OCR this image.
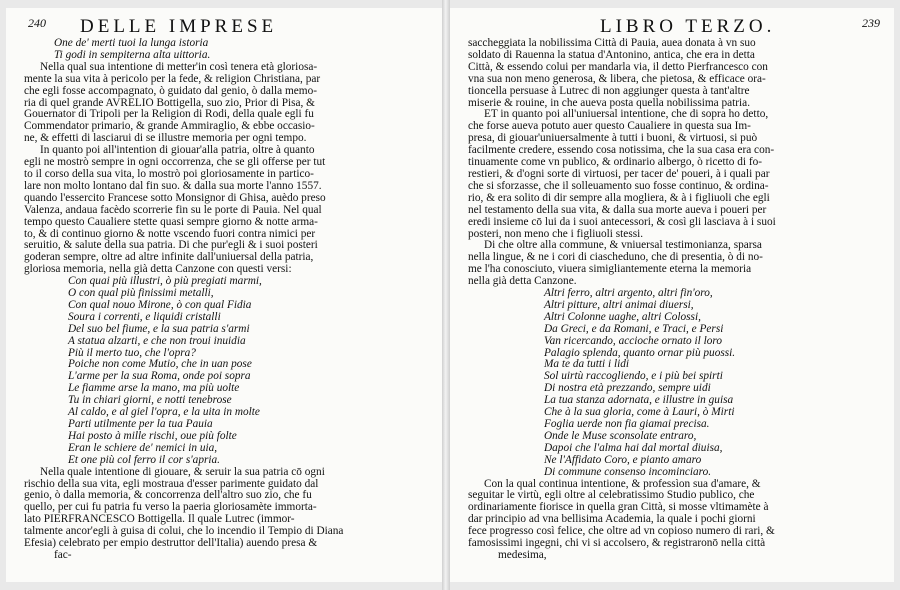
240 DELLE IMPRESE
One de' merti tuoi la lunga istoria
Ti godi in sempiterna alta uittoria.
Nella qual sua intentione di metter'in così tenera età gloriosa-
mente la sua vita à pericolo per la fede, & religion Christiana, par
che egli fosse accompagnato, ò guidato dal genio, ò dalla memo-
ria di quel grande AVRELIO Bottigella, suo zio, Prior di Pisa, &
Gouernator di Tripoli per la Religion di Rodi, della quale egli fu
Commendator primario, & grande Ammiraglio, & ebbe occasio-
ne, & effetti di lasciarui di se illustre memoria per ogni tempo.
In quanto poi all'intention di giouar'alla patria, oltre à quanto
egli ne mostrò sempre in ogni occorrenza, che se gli offerse per tut
to il corso della sua vita, lo mostrò poi gloriosamente in partico-
lare non molto lontano dal fin suo. & dalla sua morte l'anno 1557.
quando l'essercito Francese sotto Monsignor di Ghisa, auèdo preso
Valenza, andaua facèdo scorrerie fin su le porte di Pauia. Nel qual
tempo questo Caualiere stette quasi sempre giorno & notte arma-
to, & di continuo giorno & notte vscendo fuori contra nimici per
seruitio, & salute della sua patria. Di che pur'egli & i suoi posteri
goderan sempre, oltre ad altre infinite dall'uniuersal della patria,
gloriosa memoria, nella già detta Canzone con questi versi:
Con quai più illustri, ò più pregiati marmi,
O con qual più finissimi metalli,
Con qual nouo Mirone, ò con qual Fidia
Soura i correnti, e liquidi cristalli
Del suo bel fiume, e la sua patria s'armi
A statua alzarti, e che non troui inuidia
Più il merto tuo, che l'opra?
Poiche non come Mutio, che in uan pose
L'arme per la sua Roma, onde poi sopra
Le fiamme arse la mano, ma più uolte
Tu in chiari giorni, e notti tenebrose
Al caldo, e al giel l'opra, e la uita in molte
Parti utilmente per la tua Pauia
Hai posto à mille rischi, oue più folte
Eran le schiere de' nemici in uia,
Et one più col ferro il cor s'apria.
Nella quale intentione di giouare, & seruir la sua patria cō ogni
rischio della sua vita, egli mostraua d'esser parimente guidato dal
genio, ò dalla memoria, & concorrenza dell'altro suo zio, che fu
quello, per cui fu patria fu verso la paeria gloriosamète immorta-
lato PIERFRANCESCO Bottigella. Il quale Lutrec (immor-
talmente ancor'egli à guisa di colui, che lo incendio il Tempio di Diana
Efesia) celebrato per empio destruttor dell'Italia) auendo presa &
fac-
LIBRO TERZO.	239
saccheggiata la nobilissima Città di Pauia, auea donata à vn suo
soldato di Rauenna la statua d'Antonino, antica, che era in detta
Città, & essendo colui per mandarla via, il detto Pierfrancesco con
vna sua non meno generosa, & libera, che pietosa, & efficace ora-
tioncella persuase à Lutrec di non aggiunger questa à tant'altre
miserie & rouine, in che aueva posta quella nobilissima patria.
ET in quanto poi all'uniuersal intentione, che di sopra ho detto,
che forse aueva potuto auer questo Caualiere in questa sua Im-
presa, di giouar'uniuersalmente à tutti i buoni, & virtuosi, si può
facilmente credere, essendo cosa notissima, che la sua casa era con-
tinuamente come vn publico, & ordinario albergo, ò ricetto di fo-
restieri, & d'ogni sorte di virtuosi, per tacer de' poueri, à i quali par
che si sforzasse, che il solleuamento suo fosse continuo, & ordina-
rio, & era solito di dir sempre alla mogliera, & à i figliuoli che egli
nel testamento della sua vita, & dalla sua morte aueva i poueri per
eredi insieme cō lui da i suoi antecessori, & così gli lasciava à i suoi
posteri, non meno che i figliuoli stessi.
Di che oltre alla commune, & vniuersal testimonianza, sparsa
nella lingue, & ne i cori di ciascheduno, che di presentia, ò di no-
me l'ha conosciuto, viuera simigliantemente eterna la memoria
nella già detta Canzone.
Altri ferro, altri argento, altri fin'oro,
Altri pitture, altri animai diuersi,
Altri Colonne uaghe, altri Colossi,
Da Greci, e da Romani, e Traci, e Persi
Van ricercando, accioche ornato il loro
Palagio splenda, quanto ornar più puossi.
Ma te da tutti i lidi
Sol uirtù raccogliendo, e i più bei spirti
Di nostra età prezzando, sempre uidi
La tua stanza adornata, e illustre in guisa
Che à la sua gloria, come à Lauri, ò Mirti
Foglia uerde non fia giamai precisa.
Onde le Muse sconsolate entraro,
Dapoi che l'alma hai dal mortal diuisa,
Ne l'Affidato Coro, e pianto amaro
Di commune consenso incominciaro.
Con la qual continua intentione, & professìon sua d'amare, &
seguitar le virtù, egli oltre al celebratissimo Studio publico, che
ordinariamente fiorisce in quella gran Città, si mosse vltimamète à
dar principio ad vna bellisima Academia, la quale i pochi giorni
fece progresso così felice, che oltre ad vn copioso numero di rari, &
famosissimi ingegni, chi vi si accolsero, & registraronō nella città
medesima,
